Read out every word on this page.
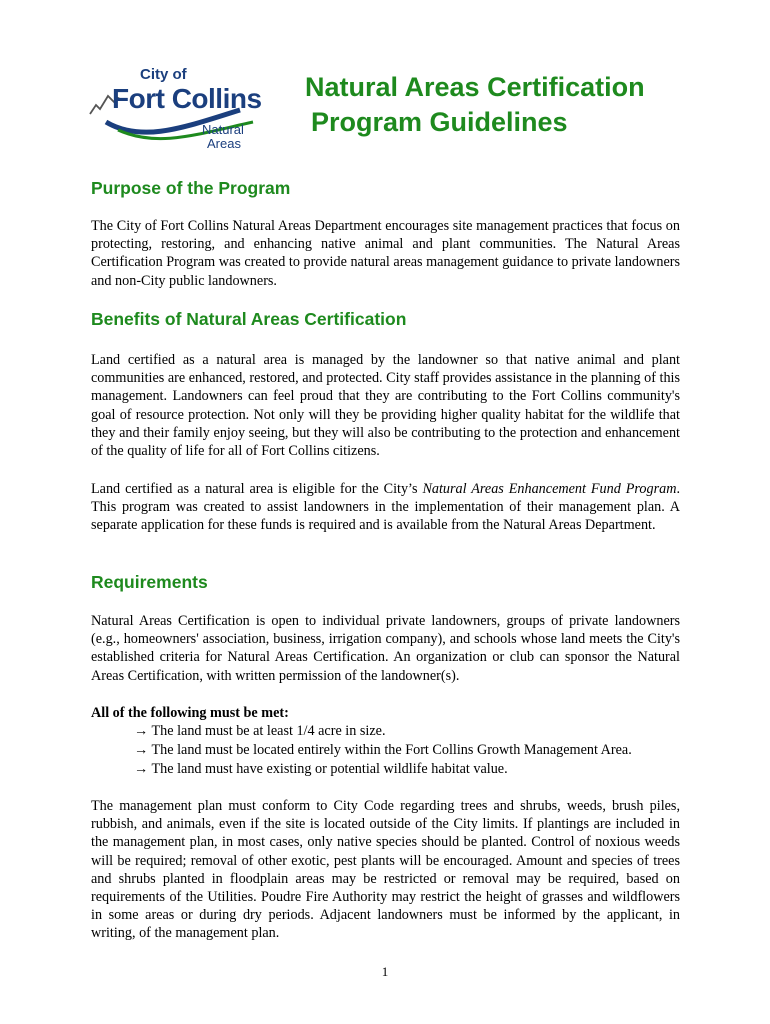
City of
Fort Collins
Natural
Areas
Natural Areas Certification
Program Guidelines
Purpose of the Program

The City of Fort Collins Natural Areas Department encourages site management practices that focus on protecting, restoring, and enhancing native animal and plant communities. The Natural Areas Certification Program was created to provide natural areas management guidance to private landowners and non-City public landowners.

Benefits of Natural Areas Certification

Land certified as a natural area is managed by the landowner so that native animal and plant communities are enhanced, restored, and protected. City staff provides assistance in the planning of this management. Landowners can feel proud that they are contributing to the Fort Collins community's goal of resource protection. Not only will they be providing higher quality habitat for the wildlife that they and their family enjoy seeing, but they will also be contributing to the protection and enhancement of the quality of life for all of Fort Collins citizens.

Land certified as a natural area is eligible for the City’s Natural Areas Enhancement Fund Program. This program was created to assist landowners in the implementation of their management plan. A separate application for these funds is required and is available from the Natural Areas Department.

Requirements

Natural Areas Certification is open to individual private landowners, groups of private landowners (e.g., homeowners' association, business, irrigation company), and schools whose land meets the City's established criteria for Natural Areas Certification. An organization or club can sponsor the Natural Areas Certification, with written permission of the landowner(s).

All of the following must be met:

→ The land must be at least 1/4 acre in size.
→ The land must be located entirely within the Fort Collins Growth Management Area.
→ The land must have existing or potential wildlife habitat value.

The management plan must conform to City Code regarding trees and shrubs, weeds, brush piles, rubbish, and animals, even if the site is located outside of the City limits. If plantings are included in the management plan, in most cases, only native species should be planted. Control of noxious weeds will be required; removal of other exotic, pest plants will be encouraged. Amount and species of trees and shrubs planted in floodplain areas may be restricted or removal may be required, based on requirements of the Utilities. Poudre Fire Authority may restrict the height of grasses and wildflowers in some areas or during dry periods. Adjacent landowners must be informed by the applicant, in writing, of the management plan.

1
